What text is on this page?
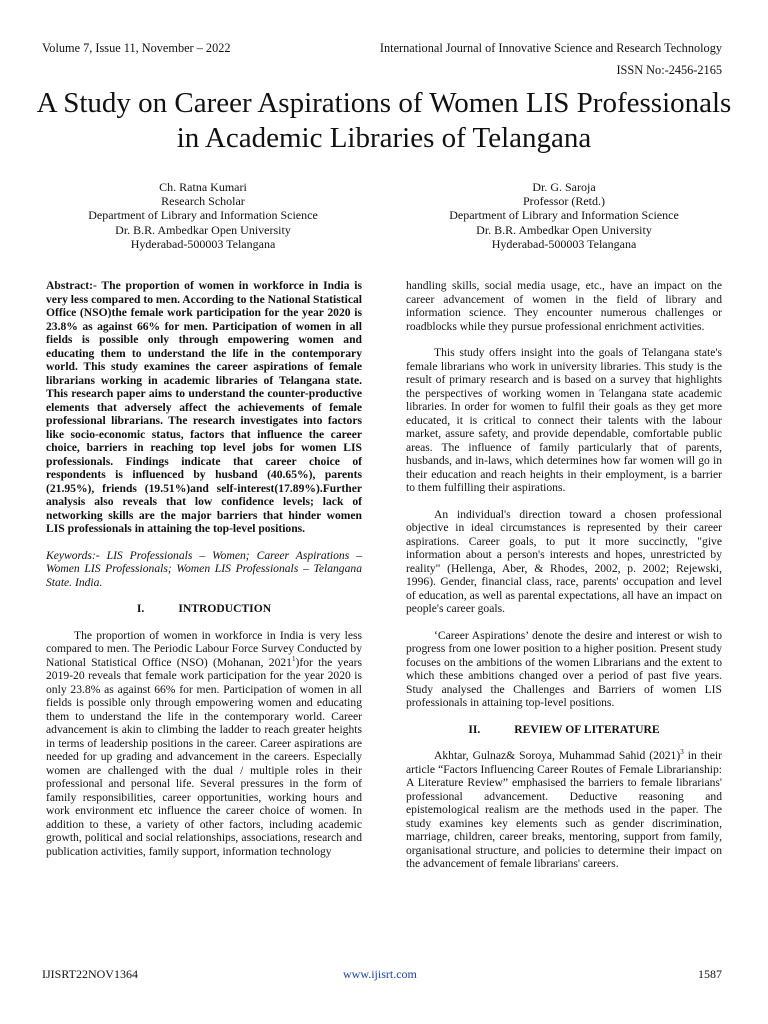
Volume 7, Issue 11, November – 2022	International Journal of Innovative Science and Research Technology
ISSN No:-2456-2165
A Study on Career Aspirations of Women LIS Professionals in Academic Libraries of Telangana
Ch. Ratna Kumari
Research Scholar
Department of Library and Information Science
Dr. B.R. Ambedkar Open University
Hyderabad-500003 Telangana
Dr. G. Saroja
Professor (Retd.)
Department of Library and Information Science
Dr. B.R. Ambedkar Open University
Hyderabad-500003 Telangana

Abstract:- The proportion of women in workforce in India is very less compared to men. According to the National Statistical Office (NSO)the female work participation for the year 2020 is 23.8% as against 66% for men. Participation of women in all fields is possible only through empowering women and educating them to understand the life in the contemporary world. This study examines the career aspirations of female librarians working in academic libraries of Telangana state. This research paper aims to understand the counter-productive elements that adversely affect the achievements of female professional librarians. The research investigates into factors like socio-economic status, factors that influence the career choice, barriers in reaching top level jobs for women LIS professionals. Findings indicate that career choice of respondents is influenced by husband (40.65%), parents (21.95%), friends (19.51%)and self-interest(17.89%).Further analysis also reveals that low confidence levels; lack of networking skills are the major barriers that hinder women LIS professionals in attaining the top-level positions.

Keywords:- LIS Professionals – Women; Career Aspirations – Women LIS Professionals; Women LIS Professionals – Telangana State. India.

I.	INTRODUCTION

The proportion of women in workforce in India is very less compared to men. The Periodic Labour Force Survey Conducted by National Statistical Office (NSO) (Mohanan, 2021$^1$)for the years 2019-20 reveals that female work participation for the year 2020 is only 23.8% as against 66% for men. Participation of women in all fields is possible only through empowering women and educating them to understand the life in the contemporary world. Career advancement is akin to climbing the ladder to reach greater heights in terms of leadership positions in the career. Career aspirations are needed for up grading and advancement in the careers. Especially women are challenged with the dual / multiple roles in their professional and personal life. Several pressures in the form of family responsibilities, career opportunities, working hours and work environment etc influence the career choice of women. In addition to these, a variety of other factors, including academic growth, political and social relationships, associations, research and publication activities, family support, information technology

handling skills, social media usage, etc., have an impact on the career advancement of women in the field of library and information science. They encounter numerous challenges or roadblocks while they pursue professional enrichment activities.

This study offers insight into the goals of Telangana state's female librarians who work in university libraries. This study is the result of primary research and is based on a survey that highlights the perspectives of working women in Telangana state academic libraries. In order for women to fulfil their goals as they get more educated, it is critical to connect their talents with the labour market, assure safety, and provide dependable, comfortable public areas. The influence of family particularly that of parents, husbands, and in-laws, which determines how far women will go in their education and reach heights in their employment, is a barrier to them fulfilling their aspirations.

An individual's direction toward a chosen professional objective in ideal circumstances is represented by their career aspirations. Career goals, to put it more succinctly, "give information about a person's interests and hopes, unrestricted by reality" (Hellenga, Aber, & Rhodes, 2002, p. 2002; Rejewski, 1996). Gender, financial class, race, parents' occupation and level of education, as well as parental expectations, all have an impact on people's career goals.

‘Career Aspirations’ denote the desire and interest or wish to progress from one lower position to a higher position. Present study focuses on the ambitions of the women Librarians and the extent to which these ambitions changed over a period of past five years. Study analysed the Challenges and Barriers of women LIS professionals in attaining top-level positions.

II.	REVIEW OF LITERATURE

Akhtar, Gulnaz& Soroya, Muhammad Sahid $(2021)^3$ in their article “Factors Influencing Career Routes of Female Librarianship: A Literature Review” emphasised the barriers to female librarians' professional advancement. Deductive reasoning and epistemological realism are the methods used in the paper. The study examines key elements such as gender discrimination, marriage, children, career breaks, mentoring, support from family, organisational structure, and policies to determine their impact on the advancement of female librarians' careers.

IJISRT22NOV1364	www.ijisrt.com	1587
